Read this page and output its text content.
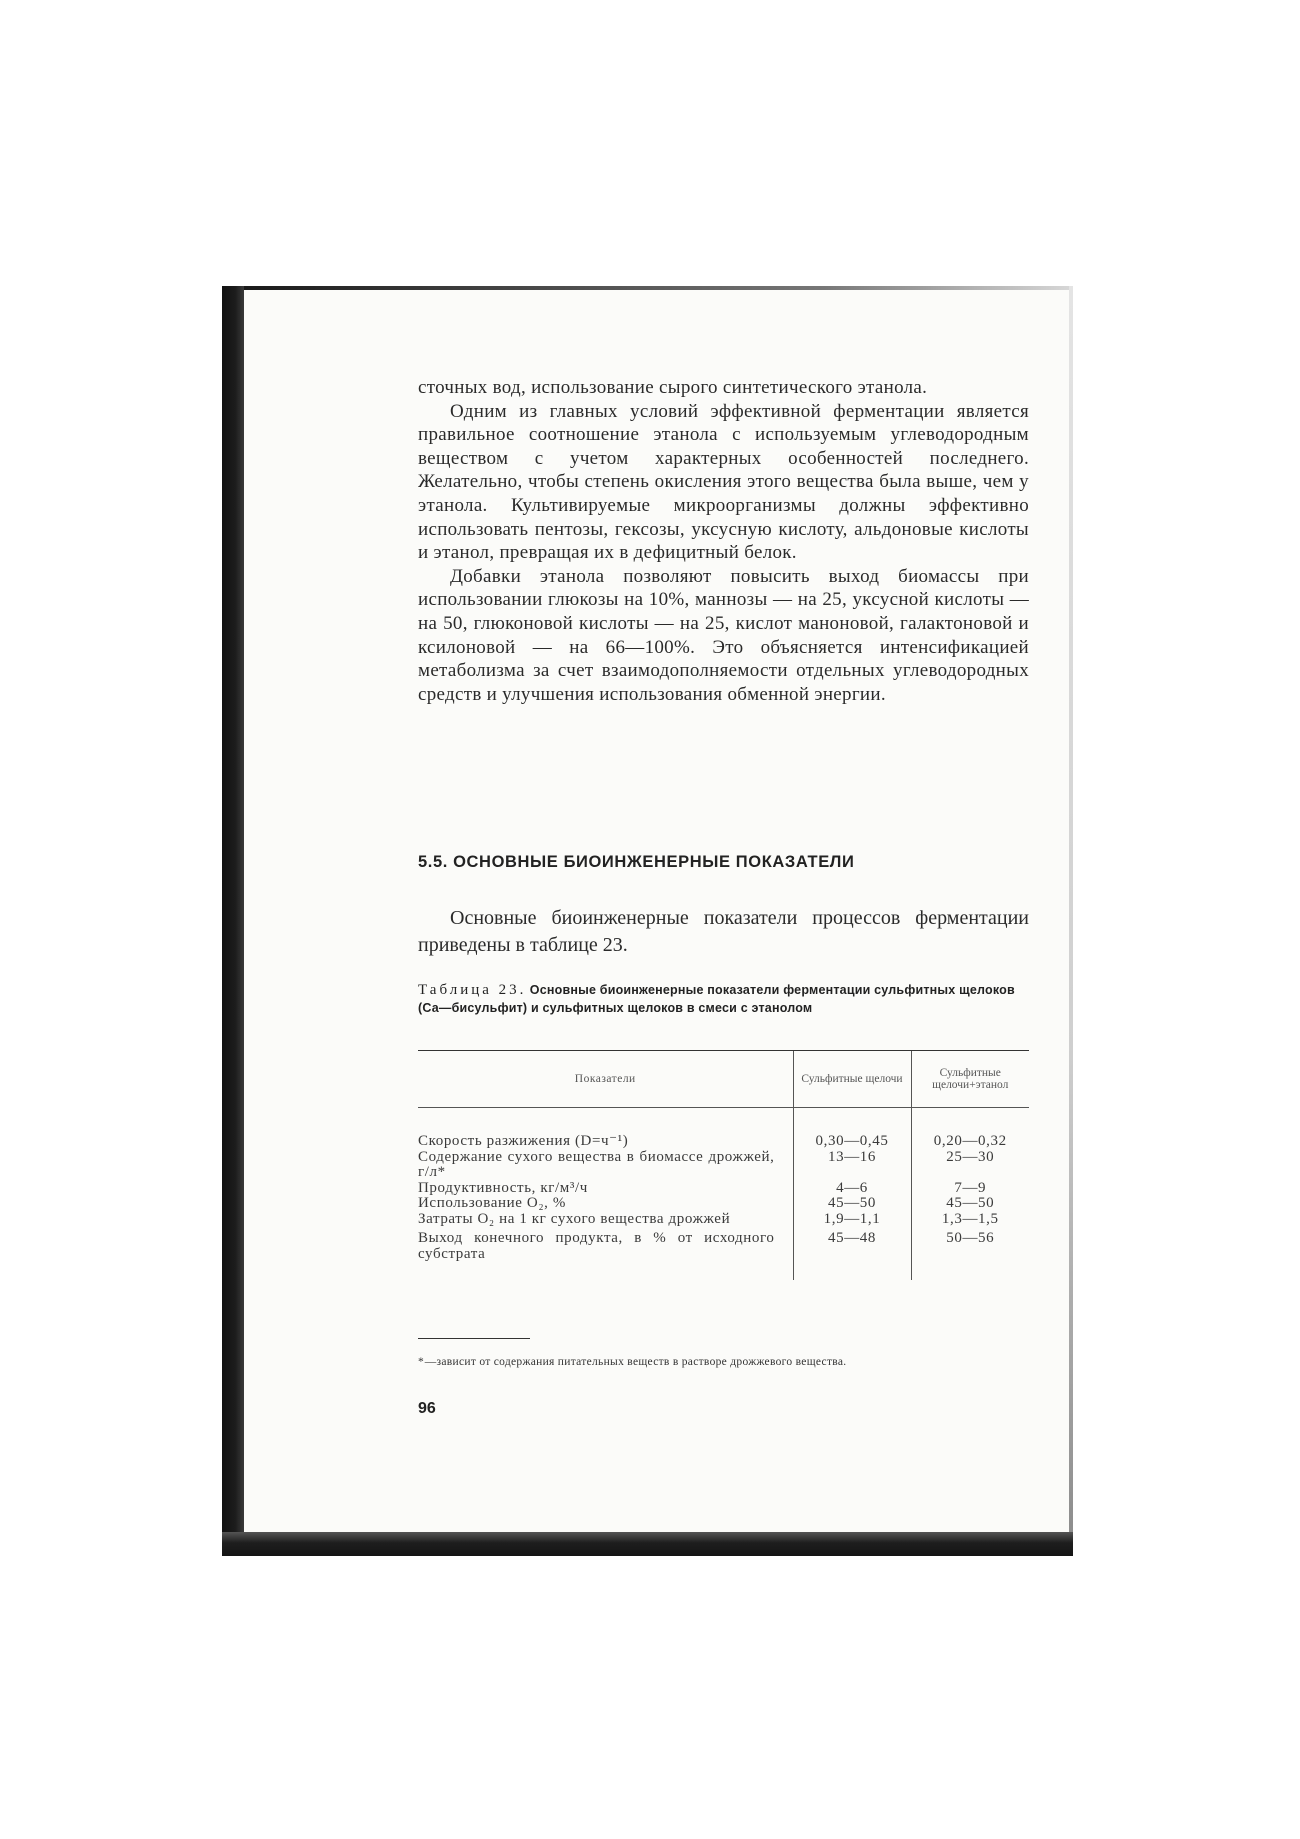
сточных вод, использование сырого синтетического этанола.

Одним из главных условий эффективной ферментации является правильное соотношение этанола с используемым углеводородным веществом с учетом характерных особенностей последнего. Желательно, чтобы степень окисления этого вещества была выше, чем у этанола. Культивируемые микроорганизмы должны эффективно использовать пентозы, гексозы, уксусную кислоту, альдоновые кислоты и этанол, превращая их в дефицитный белок.

Добавки этанола позволяют повысить выход биомассы при использовании глюкозы на 10%, маннозы — на 25, уксусной кислоты — на 50, глюконовой кислоты — на 25, кислот маноновой, галактоновой и ксилоновой — на 66—100%. Это объясняется интенсификацией метаболизма за счет взаимодополняемости отдельных углеводородных средств и улучшения использования обменной энергии.

5.5. ОСНОВНЫЕ БИОИНЖЕНЕРНЫЕ ПОКАЗАТЕЛИ

Основные биоинженерные показатели процессов ферментации приведены в таблице 23.

Таблица 23. Основные биоинженерные показатели ферментации сульфитных щелоков (Са—бисульфит) и сульфитных щелоков в смеси с этанолом
Показатели	Сульфитные щелочи	Сульфитные щелочи+этанол

Скорость разжижения (D=ч⁻¹)	0,30—0,45	0,20—0,32
Содержание сухого вещества в биомассе дрожжей, г/л*	13—16	25—30
Продуктивность, кг/м³/ч	4—6	7—9
Использование O₂, %	45—50	45—50
Затраты O₂ на 1 кг сухого вещества дрожжей	1,9—1,1	1,3—1,5
Выход конечного продукта, в % от исходного субстрата	45—48	50—56

*—зависит от содержания питательных веществ в растворе дрожжевого вещества.
96
